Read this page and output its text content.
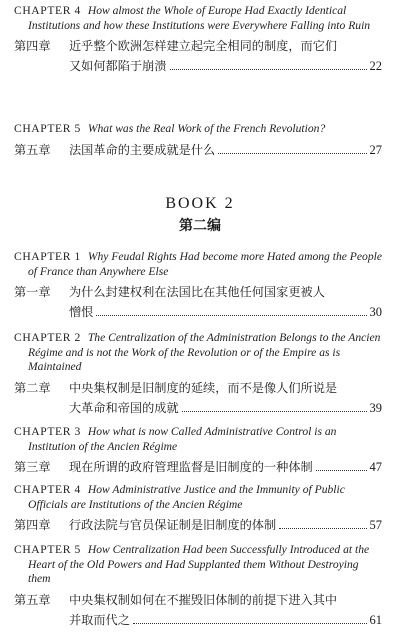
CHAPTER 4 How almost the Whole of Europe Had Exactly Identical Institutions and how these Institutions were Everywhere Falling into Ruin
第四章	近乎整个欧洲怎样建立起完全相同的制度，而它们
又如何都陷于崩溃	22
CHAPTER 5 What was the Real Work of the French Revolution?
第五章	法国革命的主要成就是什么	27
BOOK 2
第二编
CHAPTER 1 Why Feudal Rights Had become more Hated among the People of France than Anywhere Else
第一章	为什么封建权利在法国比在其他任何国家更被人
憎恨	30
CHAPTER 2 The Centralization of the Administration Belongs to the Ancien Régime and is not the Work of the Revolution or of the Empire as is Maintained
第二章	中央集权制是旧制度的延续，而不是像人们所说是
大革命和帝国的成就	39
CHAPTER 3 How what is now Called Administrative Control is an Institution of the Ancien Régime
第三章	现在所谓的政府管理监督是旧制度的一种体制	47
CHAPTER 4 How Administrative Justice and the Immunity of Public Officials are Institutions of the Ancien Régime
第四章	行政法院与官员保证制是旧制度的体制	57
CHAPTER 5 How Centralization Had been Successfully Introduced at the Heart of the Old Powers and Had Supplanted them Without Destroying them
第五章	中央集权制如何在不摧毁旧体制的前提下进入其中
并取而代之	61
